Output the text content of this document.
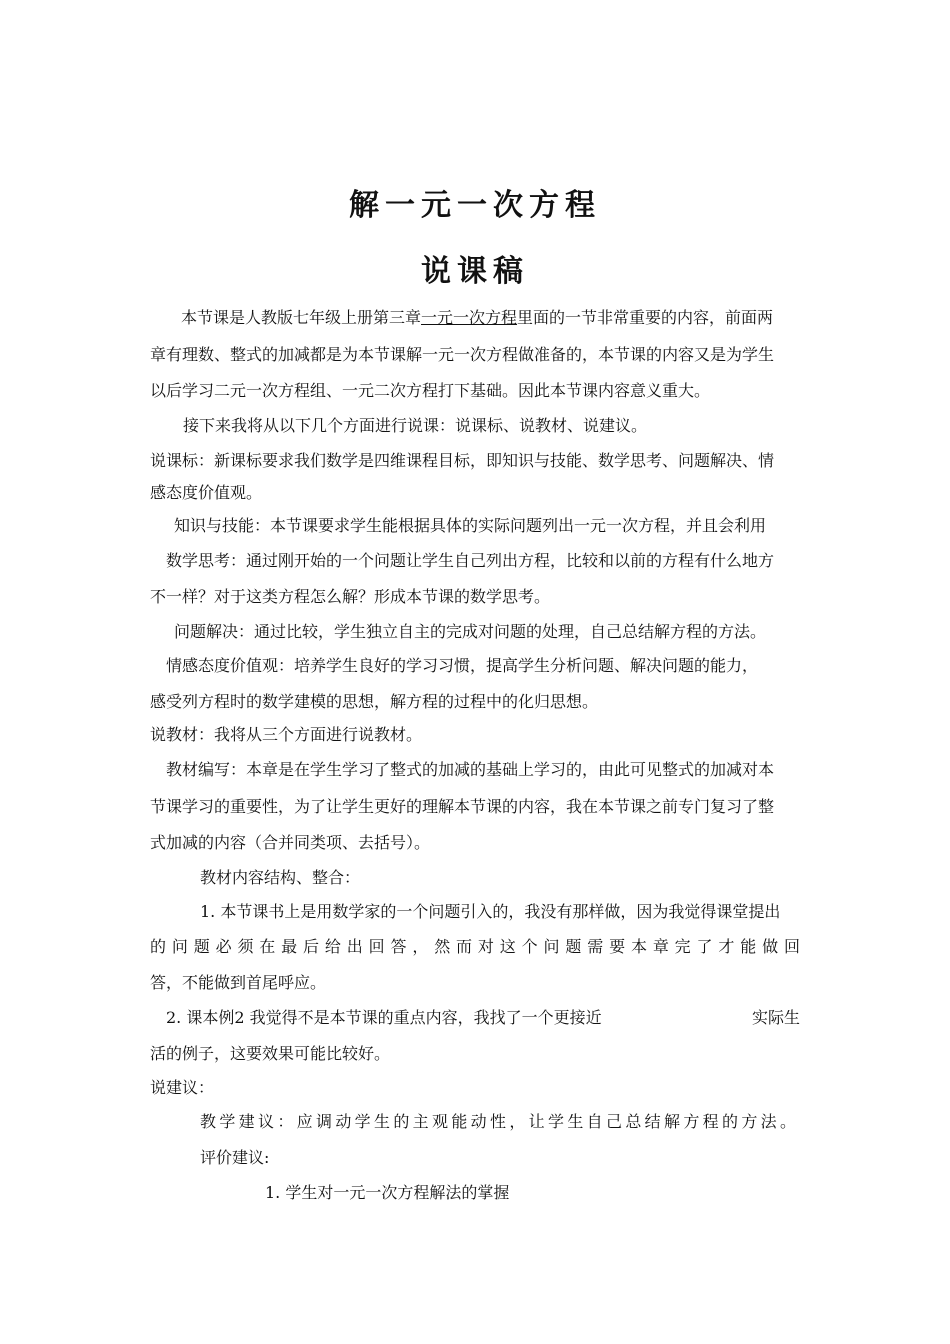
解一元一次方程
说课稿
本节课是人教版七年级上册第三章一元一次方程里面的一节非常重要的内容，前面两
章有理数、整式的加减都是为本节课解一元一次方程做准备的，本节课的内容又是为学生
以后学习二元一次方程组、一元二次方程打下基础。因此本节课内容意义重大。
接下来我将从以下几个方面进行说课：说课标、说教材、说建议。
说课标：新课标要求我们数学是四维课程目标，即知识与技能、数学思考、问题解决、情
感态度价值观。
知识与技能：本节课要求学生能根据具体的实际问题列出一元一次方程，并且会利用
数学思考：通过刚开始的一个问题让学生自己列出方程，比较和以前的方程有什么地方
不一样？对于这类方程怎么解？形成本节课的数学思考。
问题解决：通过比较，学生独立自主的完成对问题的处理，自己总结解方程的方法。
情感态度价值观：培养学生良好的学习习惯，提高学生分析问题、解决问题的能力，
感受列方程时的数学建模的思想，解方程的过程中的化归思想。
说教材：我将从三个方面进行说教材。
教材编写：本章是在学生学习了整式的加减的基础上学习的，由此可见整式的加减对本
节课学习的重要性，为了让学生更好的理解本节课的内容，我在本节课之前专门复习了整
式加减的内容（合并同类项、去括号）。
教材内容结构、整合：
1. 本节课书上是用数学家的一个问题引入的，我没有那样做，因为我觉得课堂提出
的问题必须在最后给出回答，然而对这个问题需要本章完了才能做回
答，不能做到首尾呼应。
2. 课本例2 我觉得不是本节课的重点内容，我找了一个更接近	实际生
活的例子，这要效果可能比较好。
说建议：
教学建议：应调动学生的主观能动性，让学生自己总结解方程的方法。
评价建议:
1. 学生对一元一次方程解法的掌握
